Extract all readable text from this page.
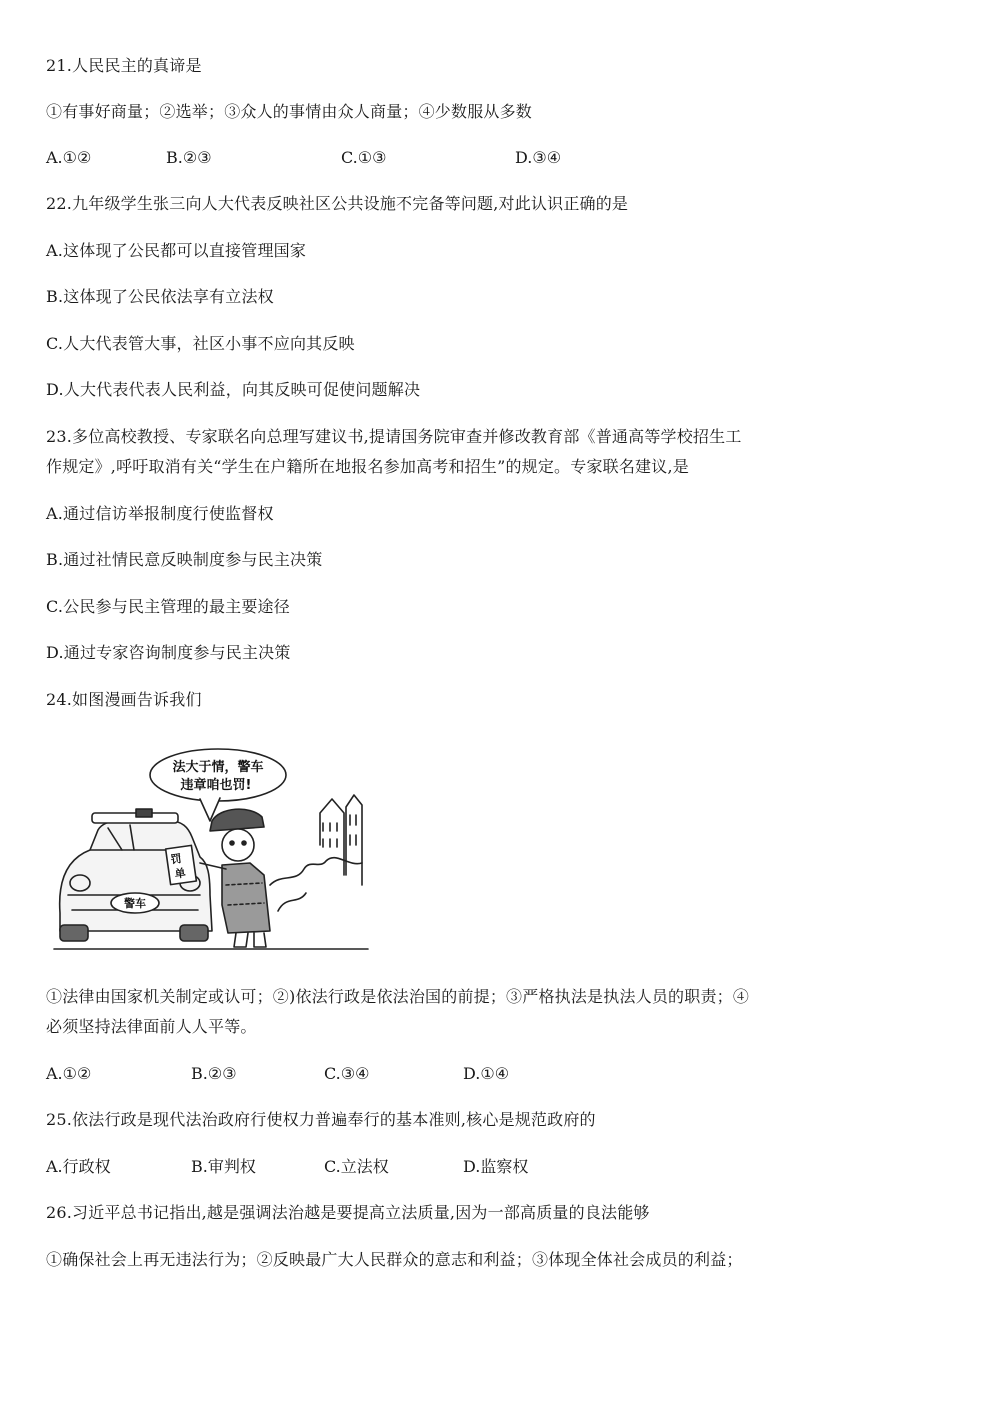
21.人民民主的真谛是
①有事好商量；②选举；③众人的事情由众人商量；④少数服从多数
A.①②	B.②③	C.①③	D.③④
22.九年级学生张三向人大代表反映社区公共设施不完备等问题,对此认识正确的是
A.这体现了公民都可以直接管理国家
B.这体现了公民依法享有立法权
C.人大代表管大事，社区小事不应向其反映
D.人大代表代表人民利益，向其反映可促使问题解决
23.多位高校教授、专家联名向总理写建议书,提请国务院审查并修改教育部《普通高等学校招生工
作规定》,呼吁取消有关“学生在户籍所在地报名参加高考和招生”的规定。专家联名建议,是
A.通过信访举报制度行使监督权
B.通过社情民意反映制度参与民主决策
C.公民参与民主管理的最主要途径
D.通过专家咨询制度参与民主决策
24.如图漫画告诉我们
法大于情，警车
违章咱也罚!
罚
单
警车
①法律由国家机关制定或认可；②)依法行政是依法治国的前提；③严格执法是执法人员的职责；④
必须坚持法律面前人人平等。
A.①②	B.②③	C.③④	D.①④
25.依法行政是现代法治政府行使权力普遍奉行的基本准则,核心是规范政府的
A.行政权	B.审判权	C.立法权	D.监察权
26.习近平总书记指出,越是强调法治越是要提高立法质量,因为一部高质量的良法能够
①确保社会上再无违法行为；②反映最广大人民群众的意志和利益；③体现全体社会成员的利益；
